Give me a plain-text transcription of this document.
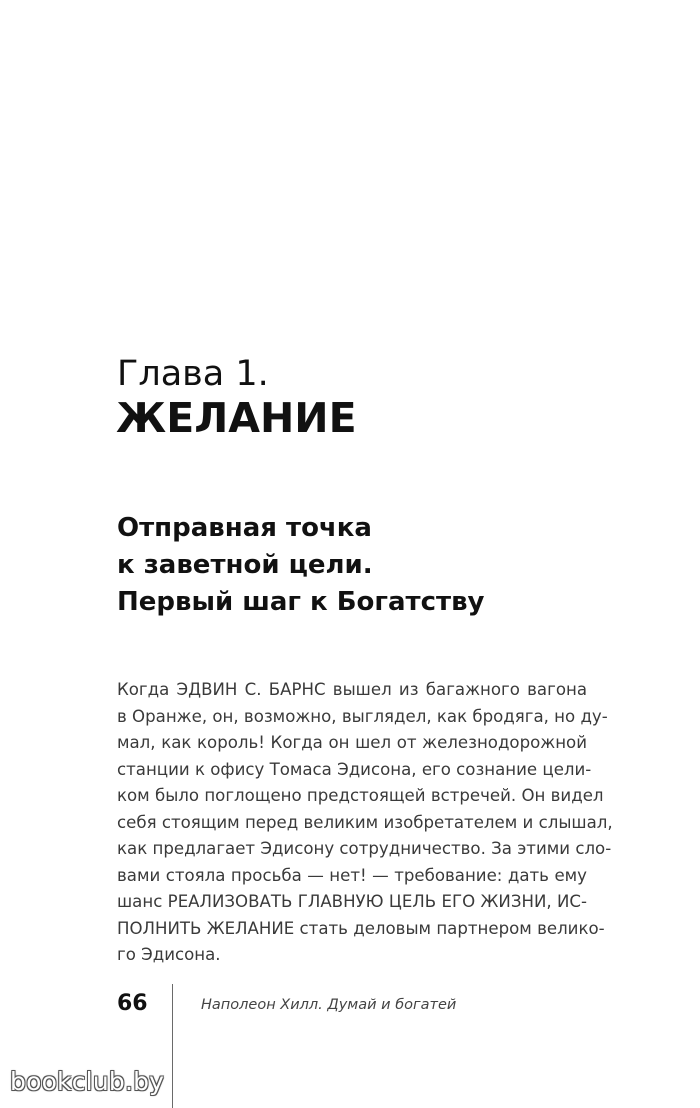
Глава 1.
ЖЕЛАНИЕ
Отправная точка
к заветной цели.
Первый шаг к Богатству
Когда ЭДВИН С. БАРНС вышел из багажного вагона
в Оранже, он, возможно, выглядел, как бродяга, но ду-
мал, как король! Когда он шел от железнодорожной
станции к офису Томаса Эдисона, его сознание цели-
ком было поглощено предстоящей встречей. Он видел
себя стоящим перед великим изобретателем и слышал,
как предлагает Эдисону сотрудничество. За этими сло-
вами стояла просьба — нет! — требование: дать ему
шанс РЕАЛИЗОВАТЬ ГЛАВНУЮ ЦЕЛЬ ЕГО ЖИЗНИ, ИС-
ПОЛНИТЬ ЖЕЛАНИЕ стать деловым партнером велико-
го Эдисона.
66	Наполеон Хилл. Думай и богатей
bookclub.by
